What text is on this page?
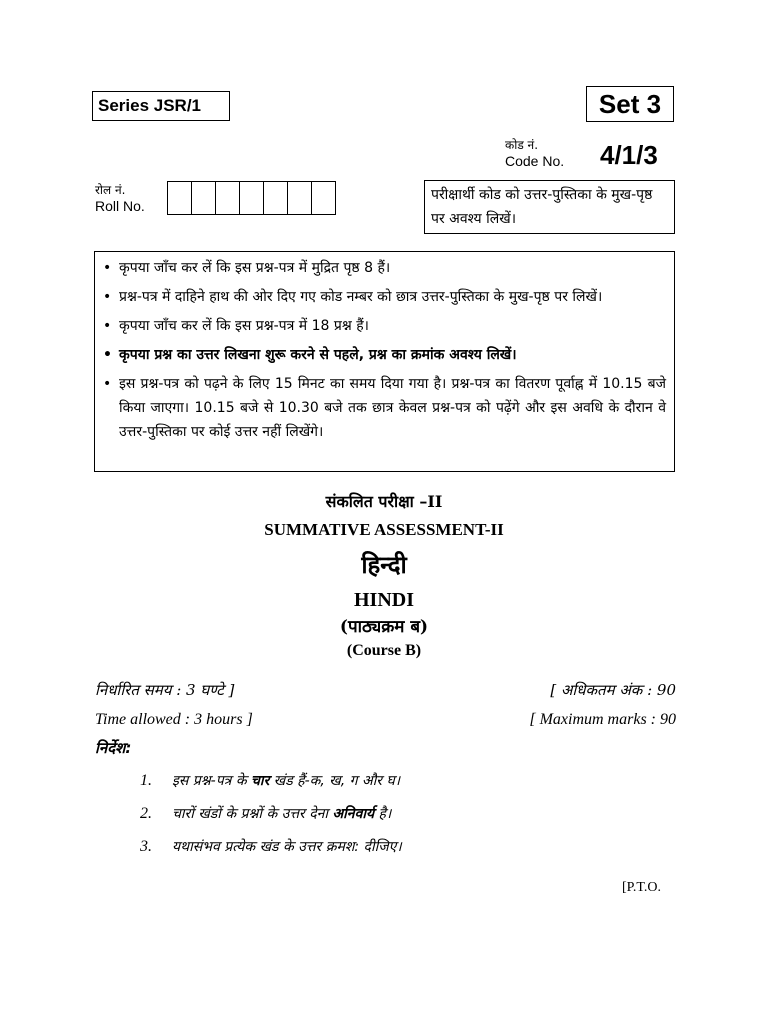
Series JSR/1	Set 3
कोड नं.
Code No. 4/1/3
रोल नं.
Roll No.
परीक्षार्थी कोड को उत्तर-पुस्तिका के मुख-पृष्ठ पर अवश्य लिखें।
• कृपया जाँच कर लें कि इस प्रश्न-पत्र में मुद्रित पृष्ठ 8 हैं।
• प्रश्न-पत्र में दाहिने हाथ की ओर दिए गए कोड नम्बर को छात्र उत्तर-पुस्तिका के मुख-पृष्ठ पर लिखें।
• कृपया जाँच कर लें कि इस प्रश्न-पत्र में 18 प्रश्न हैं।
• कृपया प्रश्न का उत्तर लिखना शुरू करने से पहले, प्रश्न का क्रमांक अवश्य लिखें।
• इस प्रश्न-पत्र को पढ़ने के लिए 15 मिनट का समय दिया गया है। प्रश्न-पत्र का वितरण पूर्वाह्न में 10.15 बजे किया जाएगा। 10.15 बजे से 10.30 बजे तक छात्र केवल प्रश्न-पत्र को पढ़ेंगे और इस अवधि के दौरान वे उत्तर-पुस्तिका पर कोई उत्तर नहीं लिखेंगे।
संकलित परीक्षा –II
SUMMATIVE ASSESSMENT-II
हिन्दी
HINDI
(पाठ्यक्रम ब)
(Course B)
निर्धारित समय : 3 घण्टे ]	[ अधिकतम अंक : 90
Time allowed : 3 hours ]	[ Maximum marks : 90
निर्देश:
1. इस प्रश्न-पत्र के चार खंड हैं-क, ख, ग और घ।
2. चारों खंडों के प्रश्नों के उत्तर देना अनिवार्य है।
3. यथासंभव प्रत्येक खंड के उत्तर क्रमश: दीजिए।
[P.T.O.
